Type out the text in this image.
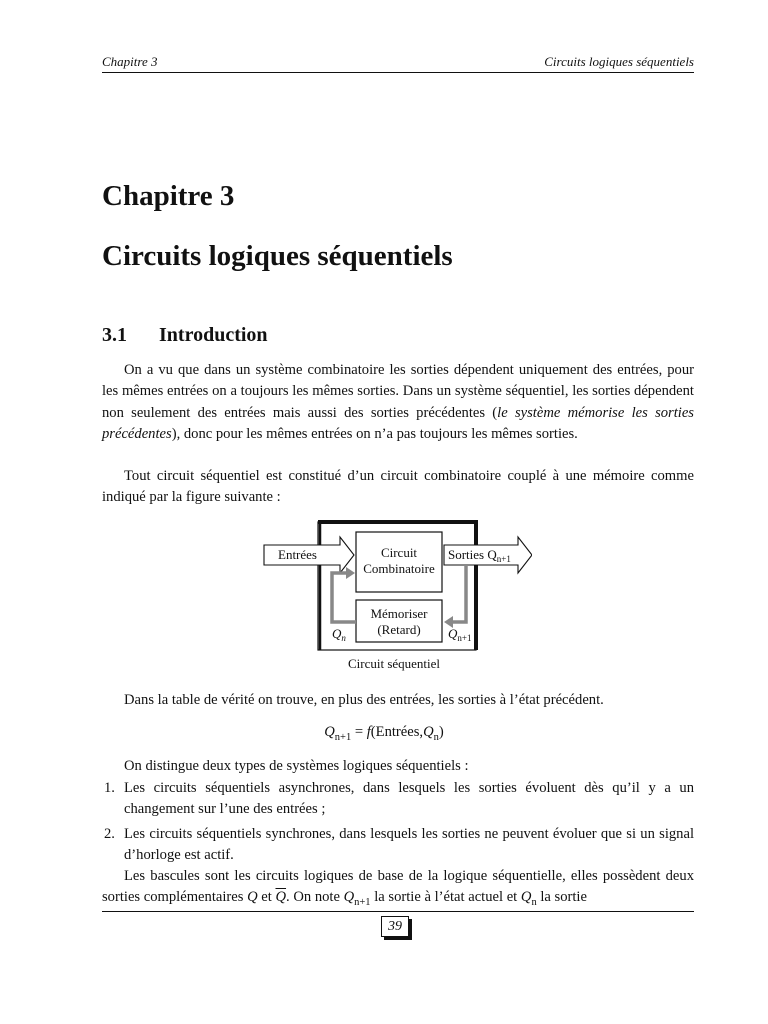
Chapitre 3	Circuits logiques séquentiels
Chapitre 3
Circuits logiques séquentiels
3.1 Introduction
On a vu que dans un système combinatoire les sorties dépendent uniquement des entrées, pour les mêmes entrées on a toujours les mêmes sorties. Dans un système séquentiel, les sorties dépendent non seulement des entrées mais aussi des sorties précédentes (le système mémorise les sorties précédentes), donc pour les mêmes entrées on n’a pas toujours les mêmes sorties.
Tout circuit séquentiel est constitué d’un circuit combinatoire couplé à une mémoire comme indiqué par la figure suivante :
Circuit
Combinatoire
Mémoriser
(Retard)
Entrées	Sorties $Q_{n+1}$
$Q_n$	$Q_{n+1}$
Circuit séquentiel
Dans la table de vérité on trouve, en plus des entrées, les sorties à l’état précédent.
$Q_{n+1}$ = $f(Entrées,Q_n)$
On distingue deux types de systèmes logiques séquentiels :
1. Les circuits séquentiels asynchrones, dans lesquels les sorties évoluent dès qu’il y a un changement sur l’une des entrées ;
2. Les circuits séquentiels synchrones, dans lesquels les sorties ne peuvent évoluer que si un signal d’horloge est actif.
Les bascules sont les circuits logiques de base de la logique séquentielle, elles possèdent deux sorties complémentaires Q et $\overline{Q}$. On note $Q_{n+1}$ la sortie à l’état actuel et $Q_n$ la sortie
39
